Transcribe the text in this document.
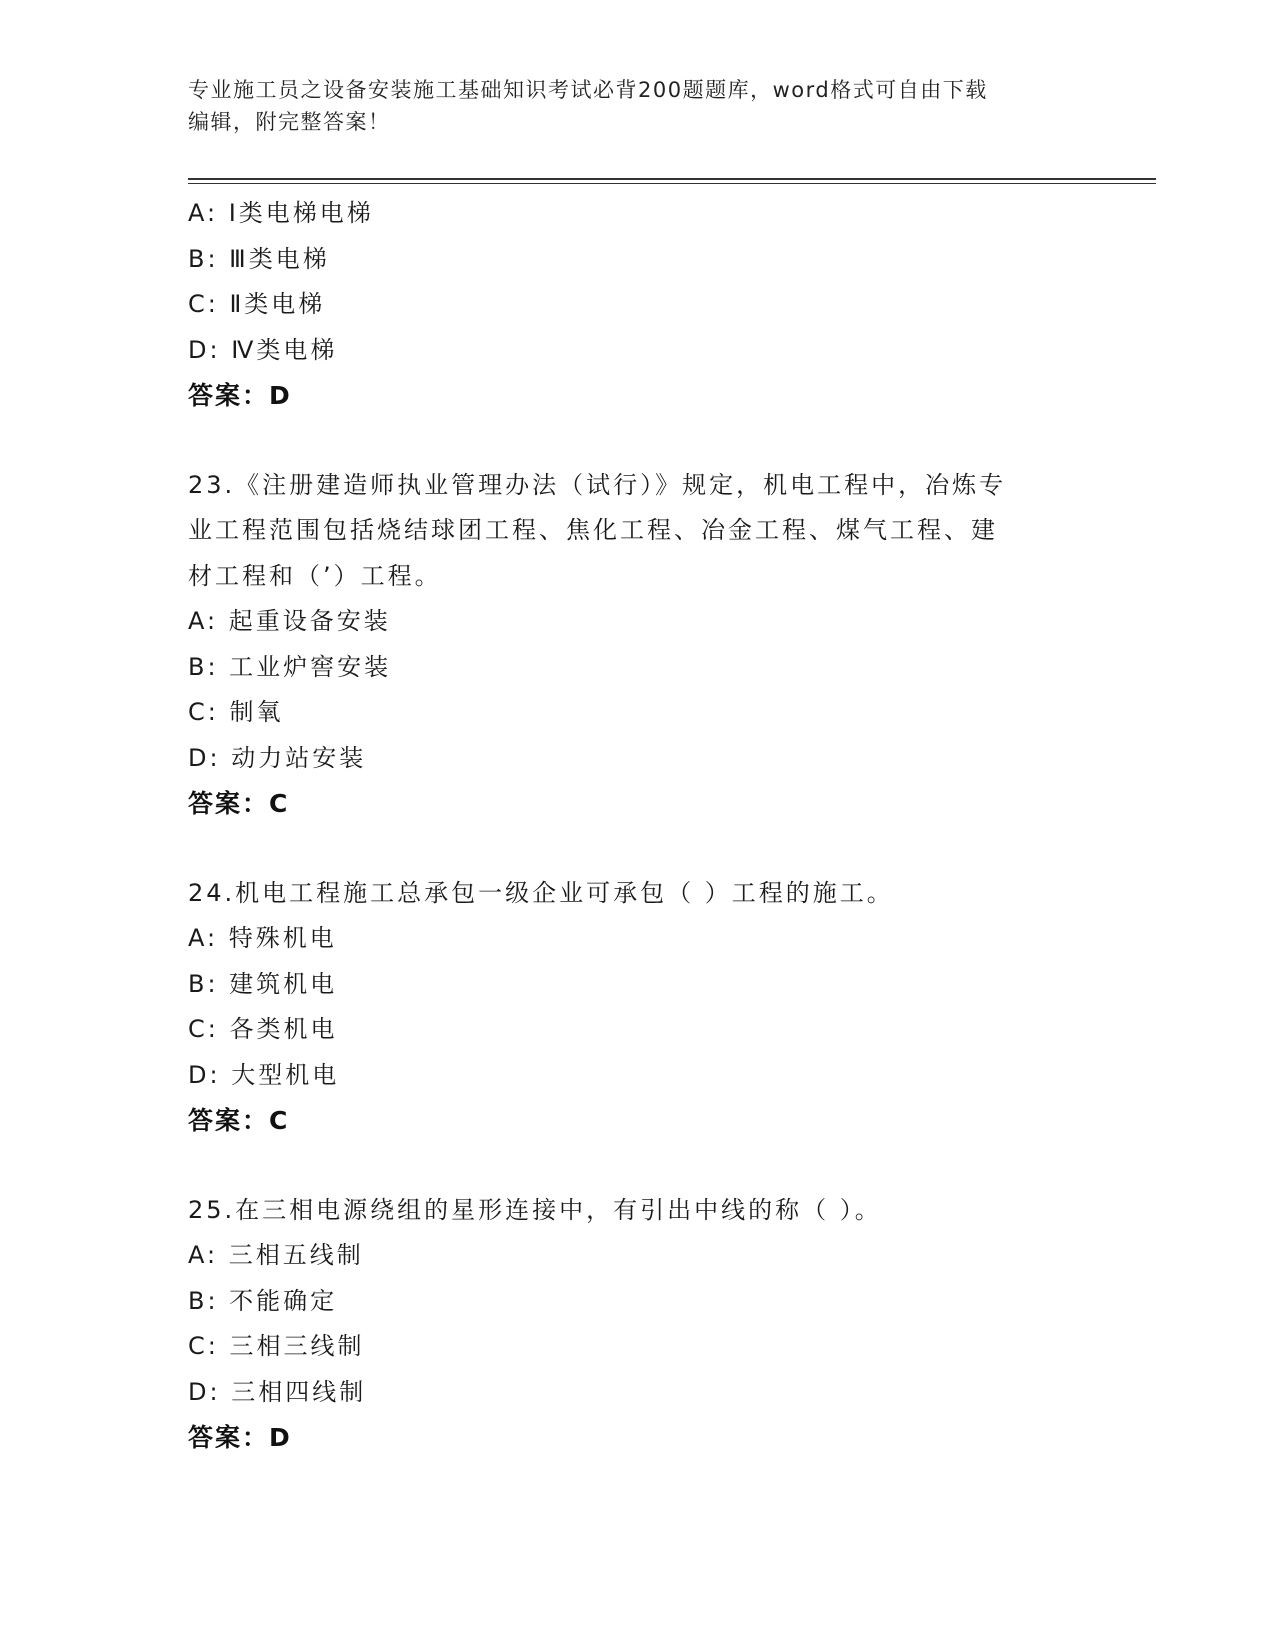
专业施工员之设备安装施工基础知识考试必背200题题库，word格式可自由下载
编辑，附完整答案！
A: Ⅰ类电梯电梯
B: Ⅲ类电梯
C: Ⅱ类电梯
D: Ⅳ类电梯
答案：D

23.《注册建造师执业管理办法（试行）》规定，机电工程中，冶炼专

业工程范围包括烧结球团工程、焦化工程、冶金工程、煤气工程、建

材工程和（’）工程。

A: 起重设备安装
B: 工业炉窖安装
C: 制氧
D: 动力站安装
答案：C

24.机电工程施工总承包一级企业可承包（ ）工程的施工。

A: 特殊机电
B: 建筑机电
C: 各类机电
D: 大型机电
答案：C

25.在三相电源绕组的星形连接中，有引出中线的称（ ）。

A: 三相五线制
B: 不能确定
C: 三相三线制
D: 三相四线制
答案：D
